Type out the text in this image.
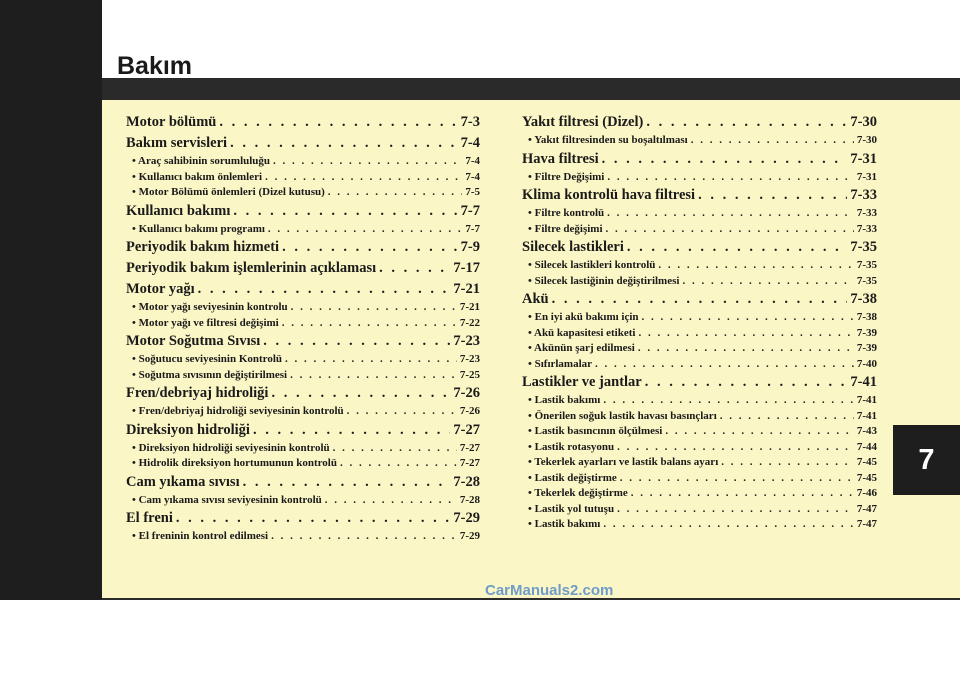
Bakım
7
Motor bölümü . . .	7-3
Bakım servisleri . . .	7-4
• Araç sahibinin sorumluluğu . . .	7-4
• Kullanıcı bakım önlemleri . . .	7-4
• Motor Bölümü önlemleri (Dizel kutusu) . . .	7-5
Kullanıcı bakımı . . .	7-7
• Kullanıcı bakımı programı . . .	7-7
Periyodik bakım hizmeti . . .	7-9
Periyodik bakım işlemlerinin açıklaması . . .	7-17
Motor yağı . . .	7-21
• Motor yağı seviyesinin kontrolu . . .	7-21
• Motor yağı ve filtresi değişimi . . .	7-22
Motor Soğutma Sıvısı . . .	7-23
• Soğutucu seviyesinin Kontrolü . . .	7-23
• Soğutma sıvısının değiştirilmesi . . .	7-25
Fren/debriyaj hidroliği . . .	7-26
• Fren/debriyaj hidroliği seviyesinin kontrolü . . .	7-26
Direksiyon hidroliği . . .	7-27
• Direksiyon hidroliği seviyesinin kontrolü . . .	7-27
• Hidrolik direksiyon hortumunun kontrolü . . .	7-27
Cam yıkama sıvısı . . .	7-28
• Cam yıkama sıvısı seviyesinin kontrolü . . .	7-28
El freni . . .	7-29
• El freninin kontrol edilmesi . . .	7-29
Yakıt filtresi (Dizel) . . .	7-30
• Yakıt filtresinden su boşaltılması . . .	7-30
Hava filtresi . . .	7-31
• Filtre Değişimi . . .	7-31
Klima kontrolü hava filtresi . . .	7-33
• Filtre kontrolü . . .	7-33
• Filtre değişimi . . .	7-33
Silecek lastikleri . . .	7-35
• Silecek lastikleri kontrolü . . .	7-35
• Silecek lastiğinin değiştirilmesi . . .	7-35
Akü . . .	7-38
• En iyi akü bakımı için . . .	7-38
• Akü kapasitesi etiketi . . .	7-39
• Akünün şarj edilmesi . . .	7-39
• Sıfırlamalar . . .	7-40
Lastikler ve jantlar . . .	7-41
• Lastik bakımı . . .	7-41
• Önerilen soğuk lastik havası basınçları . . .	7-41
• Lastik basıncının ölçülmesi . . .	7-43
• Lastik rotasyonu . . .	7-44
• Tekerlek ayarları ve lastik balans ayarı . . .	7-45
• Lastik değiştirme . . .	7-45
• Tekerlek değiştirme . . .	7-46
• Lastik yol tutuşu . . .	7-47
• Lastik bakımı . . .	7-47
CarManuals2.com
